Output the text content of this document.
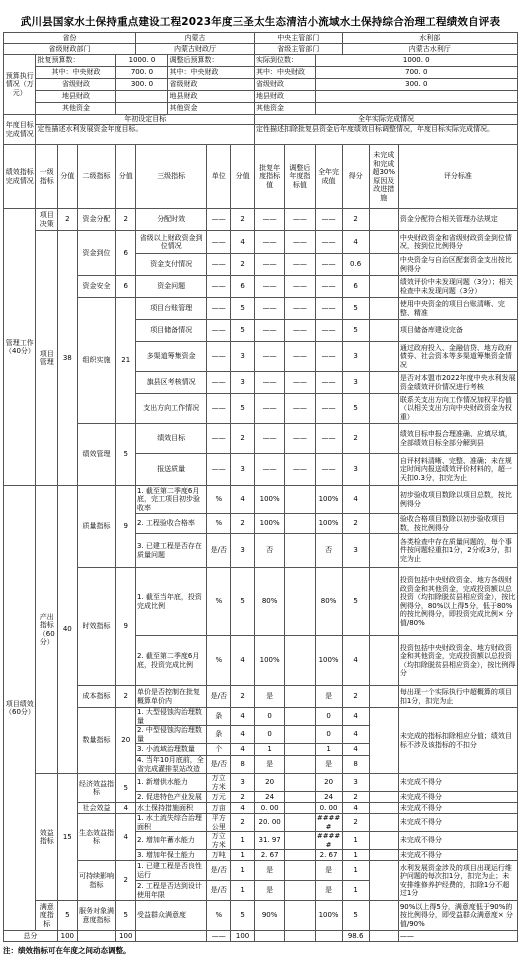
武川县国家水土保持重点建设工程2023年度三圣太生态清洁小流域水土保持综合治理工程绩效自评表
省份					内蒙古				中央主管部门			水利部		
省级财政部门					内蒙古财政厅				省级主管部门			内蒙古水利厅		
预算执行情况（万元）	批复预算数：			1000. 0		调整后预算数：			实际到位数：		1000. 0			
	其中：中央财政			700. 0		其中：中央财政			其中：中央财政		700. 0			
	省级财政			300. 0		省级财政			省级财政		300. 0			
	地县财政					地县财政			地县财政					
	其他资金					其他资金			其他资金					
年度目标完成情况	年初设定目标								全年实际完成情况					
	定性描述水利发展资金年度目标。								定性描述扣除批复县资金后年度绩效目标调整情况，年度目标实际完成情况。					
绩效指标完成情况	一级指标	分值	二级指标	分值	三级指标		单位	分值	批复年度指标值	调整后年度指标值	全年完成值	得分	未完成和完成超30%原因及改进措施	评分标准
管理工作（40分）	项目决策	2	资金分配	2	分配时效		——	2	——	——	——	2		资金分配符合相关管理办法规定
	项目管理	38	资金到位	6	省级以上财政资金到位情况		——	4	——	——	——	4		中央财政资金和省级财政资金到位情况，按到位比例得分
					资金支付情况		——	2	——	——	——	0.6		中央资金与自治区配套资金支出按比例得分
			资金安全	6	资金问题		——	6	——	——	——	6		绩效评价中未发现问题（3分）；相关检查中未发现问题（3分）
			组织实施	21	项目台账管理		——	5	——	——	——	5		使用中央资金的项目台账清晰、完整、精准
					项目储备情况		——	5	——	——	——	5		项目储备库建设完备
					多渠道筹集资金		——	3	——	——	——	3		通过政府投入、金融信贷、地方政府债券、社会资本等多渠道筹集资金情况
					旗县区考核情况		——	3	——	——	——	3		是否对本盟市2022年度中央水利发展资金绩效评价情况进行考核
					支出方向工作情况		——	5	——	——	——	5		联系关支出方向工作情况加权平均值（以相关支出方向中央财政资金为权重）
			绩效管理	5	绩效目标		——	2	——	——	——	2		绩效目标申报合理准确、应填尽填，全部绩效目标全部分解到县
					报送质量		——	3	——	——	——	3		自评材料清晰、完整、准确；未在规定时间内报送绩效评价材料的，超一天扣0.3分，扣完为止
项目绩效（60分）	产出指标（60分）	40	质量指标	9	1. 截至第二季度6月底，完工项目初步验收率		%	4	100%		100%	4		初步验收项目数除以项目总数，按比例得分
					2. 工程验收合格率		%	2	100%		100%	2		验收合格项目数除以初步验收项目数，按比例得分
					3. 已建工程是否存在质量问题		是/否	3	否		否	3		各类检查中存在质量问题的，每个事件按问题轻重扣1分，2分或3分，扣完为止
			时效指标	9	1. 截至当年底，投资完成比例		%	5	80%		80%	5		投资包括中央财政资金、地方各级财政资金和其他资金，完成投资额以总投资（均扣除脱贫县相应资金），按比例得分，80%以上得5分，低于80%的按比例得分，即投资完成比例× 分值/80%
					2. 截至第二季度6月底，投资完成比例		%	4	100%		100%	4		投资包括中央财政资金、地方财政资金和其他资金，完成投资额以总投资（均扣除脱贫县相应资金），按比例得分
			成本指标	2	单价是否控制在批复概算单价内		是/否	2	是		是	2		每出现一个实际执行中超概算的项目扣1分，扣完为止
			数量指标	20	1. 大型侵蚀沟治理数量		条	4	0		0	4		未完成的指标扣除相应分值；绩效目标不涉及该指标的不扣分
					2. 中型侵蚀沟治理数量		条	4	0		0	4		
					3. 小流域治理数量		个	4	1		1	4		
					4. 当年10月底前，全省完成灌排泵站改造		是/否	8	是		是	8		
	效益指标	15	经济效益指标	5	1. 新增供水能力		万立方米	3	20		20	3		未完成不得分
					2. 促进特色产业发展		万元	2	24		24	2		未完成不得分
			社会效益	4	水土保持措施面积		万亩	4	0. 00		0. 00	4		未完成不得分
			生态效益指标	4	1. 水土流失综合治理面积		平方公里	2	20. 00		#####	2		未完成不得分
					2. 增加年蓄水能力		万立方米	1	31. 97		#####	1		未完成不得分
					3. 增加年保土能力		万吨	1	2. 67		2. 67	1		未完成不得分
			可持续影响指标	2	1. 已建工程是否良性运行		是/否	1	是		是	1		水利发展资金涉及的项目出现运行维护问题的每次扣1分，扣完为止；未安排维修养护经费的，扣除1分不超过1分
					2. 工程是否达到设计使用年限		是/否	1	是		是	1		
	满意度指标	5	服务对象满意度指标	5	受益群众满意度		%	5	90%		100%	5		90%以上得5分，满意度低于90%的按比例得分，即受益群众满意度× 分值/90%
总分		100		100			——	100				98.6		——
注：绩效指标可在年度之间动态调整。
